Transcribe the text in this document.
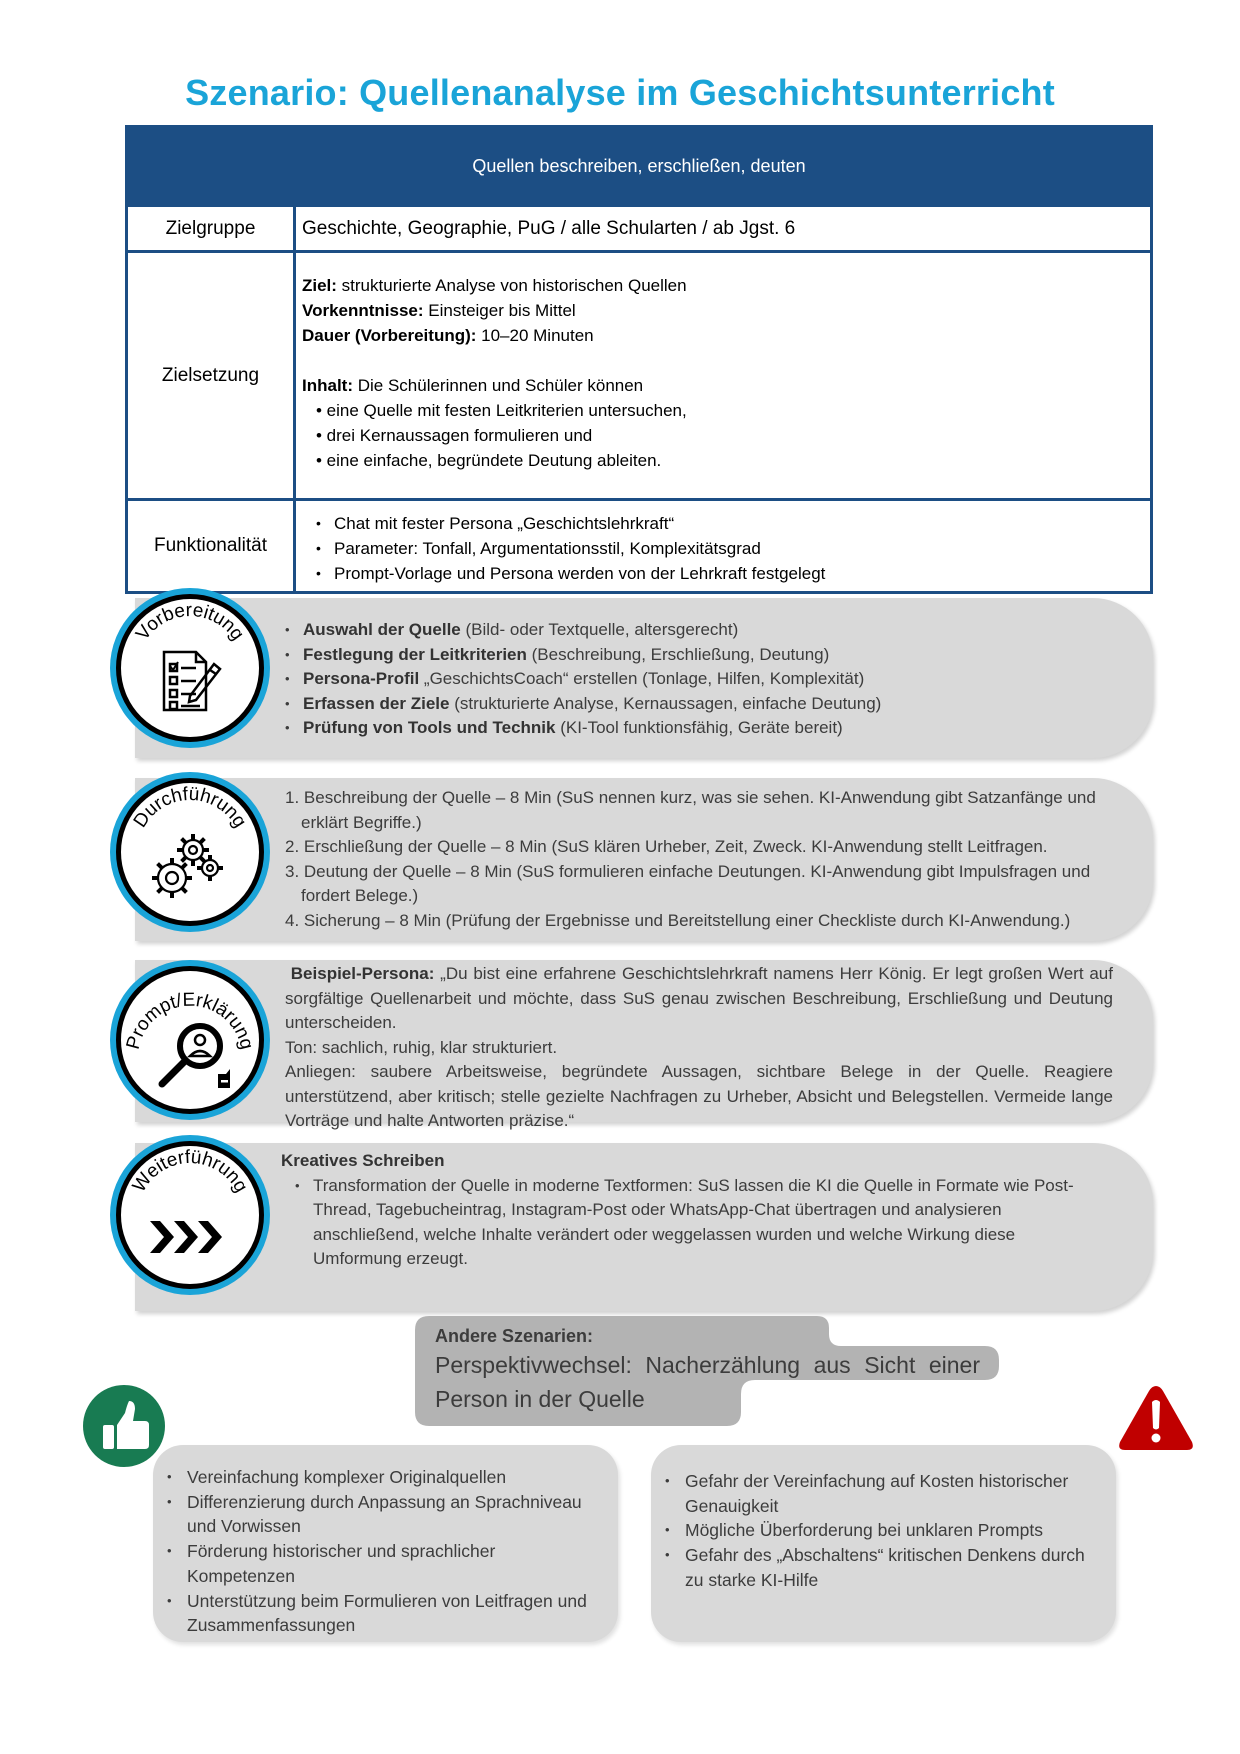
Szenario: Quellenanalyse im Geschichtsunterricht
Quellen beschreiben, erschließen, deuten
Zielgruppe	Geschichte, Geographie, PuG / alle Schularten / ab Jgst. 6
Zielsetzung
Ziel: strukturierte Analyse von historischen Quellen
Vorkenntnisse: Einsteiger bis Mittel
Dauer (Vorbereitung): 10–20 Minuten
Inhalt: Die Schülerinnen und Schüler können
• eine Quelle mit festen Leitkriterien untersuchen,
• drei Kernaussagen formulieren und
• eine einfache, begründete Deutung ableiten.
Funktionalität
• Chat mit fester Persona „Geschichtslehrkraft“
• Parameter: Tonfall, Argumentationsstil, Komplexitätsgrad
• Prompt-Vorlage und Persona werden von der Lehrkraft festgelegt
Vorbereitung	• Auswahl der Quelle (Bild- oder Textquelle, altersgerecht)
• Festlegung der Leitkriterien (Beschreibung, Erschließung, Deutung)
• Persona-Profil „GeschichtsCoach“ erstellen (Tonlage, Hilfen, Komplexität)
• Erfassen der Ziele (strukturierte Analyse, Kernaussagen, einfache Deutung)
• Prüfung von Tools und Technik (KI-Tool funktionsfähig, Geräte bereit)
Durchführung
1. Beschreibung der Quelle – 8 Min (SuS nennen kurz, was sie sehen. KI-Anwendung gibt Satzanfänge und erklärt Begriffe.)
2. Erschließung der Quelle – 8 Min (SuS klären Urheber, Zeit, Zweck. KI-Anwendung stellt Leitfragen.
3. Deutung der Quelle – 8 Min (SuS formulieren einfache Deutungen. KI-Anwendung gibt Impulsfragen und fordert Belege.)
4. Sicherung – 8 Min (Prüfung der Ergebnisse und Bereitstellung einer Checkliste durch KI-Anwendung.)
Prompt/Erklärung
Beispiel-Persona: „Du bist eine erfahrene Geschichtslehrkraft namens Herr König. Er legt großen Wert auf sorgfältige Quellenarbeit und möchte, dass SuS genau zwischen Beschreibung, Erschließung und Deutung unterscheiden.
Ton: sachlich, ruhig, klar strukturiert.
Anliegen: saubere Arbeitsweise, begründete Aussagen, sichtbare Belege in der Quelle. Reagiere unterstützend, aber kritisch; stelle gezielte Nachfragen zu Urheber, Absicht und Belegstellen. Vermeide lange Vorträge und halte Antworten präzise.“
Weiterführung
Kreatives Schreiben
• Transformation der Quelle in moderne Textformen: SuS lassen die KI die Quelle in Formate wie Post-Thread, Tagebucheintrag, Instagram-Post oder WhatsApp-Chat übertragen und analysieren anschließend, welche Inhalte verändert oder weggelassen wurden und welche Wirkung diese Umformung erzeugt.
Andere Szenarien:
Perspektivwechsel: Nacherzählung aus Sicht einer Person in der Quelle
• Vereinfachung komplexer Originalquellen
• Differenzierung durch Anpassung an Sprachniveau und Vorwissen
• Förderung historischer und sprachlicher Kompetenzen
• Unterstützung beim Formulieren von Leitfragen und Zusammenfassungen
• Gefahr der Vereinfachung auf Kosten historischer Genauigkeit
• Mögliche Überforderung bei unklaren Prompts
• Gefahr des „Abschaltens“ kritischen Denkens durch zu starke KI-Hilfe
